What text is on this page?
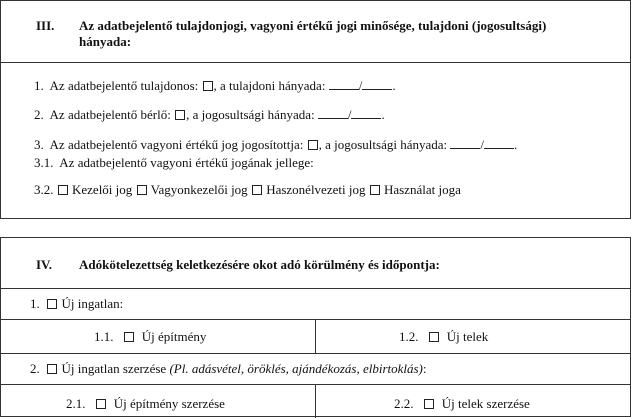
III. Az adatbejelentő tulajdonjogi, vagyoni értékű jogi minősége, tulajdoni (jogosultsági)
hányada:
1. Az adatbejelentő tulajdonos: , a tulajdoni hányada:	/ .
2. Az adatbejelentő bérlő: , a jogosultsági hányada:	/ .
3. Az adatbejelentő vagyoni értékű jog jogosítottja: , a jogosultsági hányada:	/ .
3.1. Az adatbejelentő vagyoni értékű jogának jellege:
3.2. Kezelői jog Vagyonkezelői jog Haszonélvezeti jog Használat joga
IV. Adókötelezettség keletkezésére okot adó körülmény és időpontja:
1. Új ingatlan:
1.1. Új építmény	1.2. Új telek
2. Új ingatlan szerzése (Pl. adásvétel, öröklés, ajándékozás, elbirtoklás):
2.1. Új építmény szerzése	2.2. Új telek szerzése
